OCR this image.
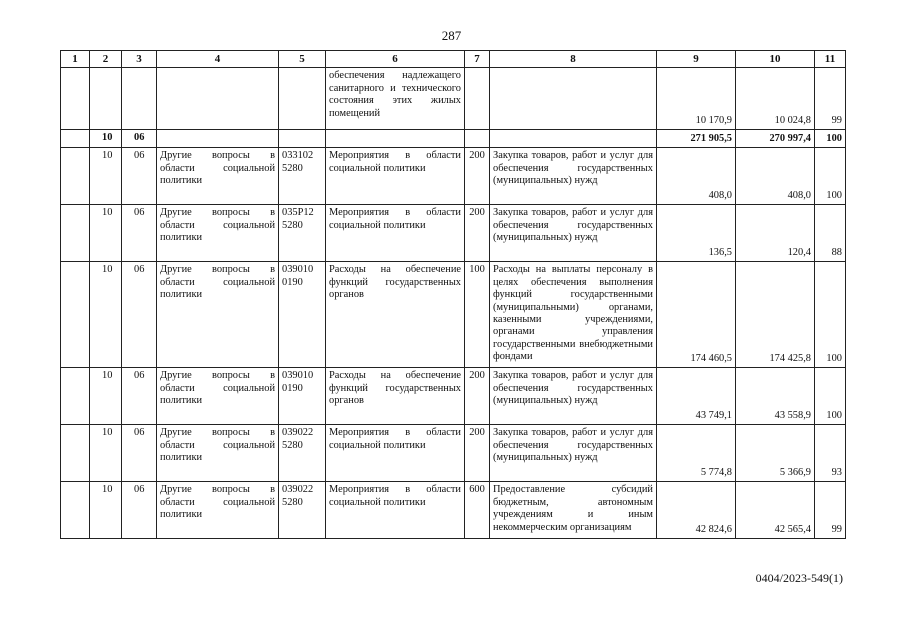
287
1	2	3	4	5	6	7	8	9	10	11
					обеспечения надлежащего санитарного и технического состояния этих жилых помещений			10 170,9	10 024,8	99
	10	06						271 905,5	270 997,4	100
	10	06	Другие вопросы в области социальной политики	033102 5280	Мероприятия в области социальной политики	200	Закупка товаров, работ и услуг для обеспечения государственных (муниципальных) нужд	408,0	408,0	100
	10	06	Другие вопросы в области социальной политики	035Р12 5280	Мероприятия в области социальной политики	200	Закупка товаров, работ и услуг для обеспечения государственных (муниципальных) нужд	136,5	120,4	88
	10	06	Другие вопросы в области социальной политики	039010 0190	Расходы на обеспечение функций государственных органов	100	Расходы на выплаты персоналу в целях обеспечения выполнения функций государственными (муниципальными) органами, казенными учреждениями, органами управления государственными внебюджетными фондами	174 460,5	174 425,8	100
	10	06	Другие вопросы в области социальной политики	039010 0190	Расходы на обеспечение функций государственных органов	200	Закупка товаров, работ и услуг для обеспечения государственных (муниципальных) нужд	43 749,1	43 558,9	100
	10	06	Другие вопросы в области социальной политики	039022 5280	Мероприятия в области социальной политики	200	Закупка товаров, работ и услуг для обеспечения государственных (муниципальных) нужд	5 774,8	5 366,9	93
	10	06	Другие вопросы в области социальной политики	039022 5280	Мероприятия в области социальной политики	600	Предоставление субсидий бюджетным, автономным учреждениям и иным некоммерческим организациям	42 824,6	42 565,4	99
0404/2023-549(1)
